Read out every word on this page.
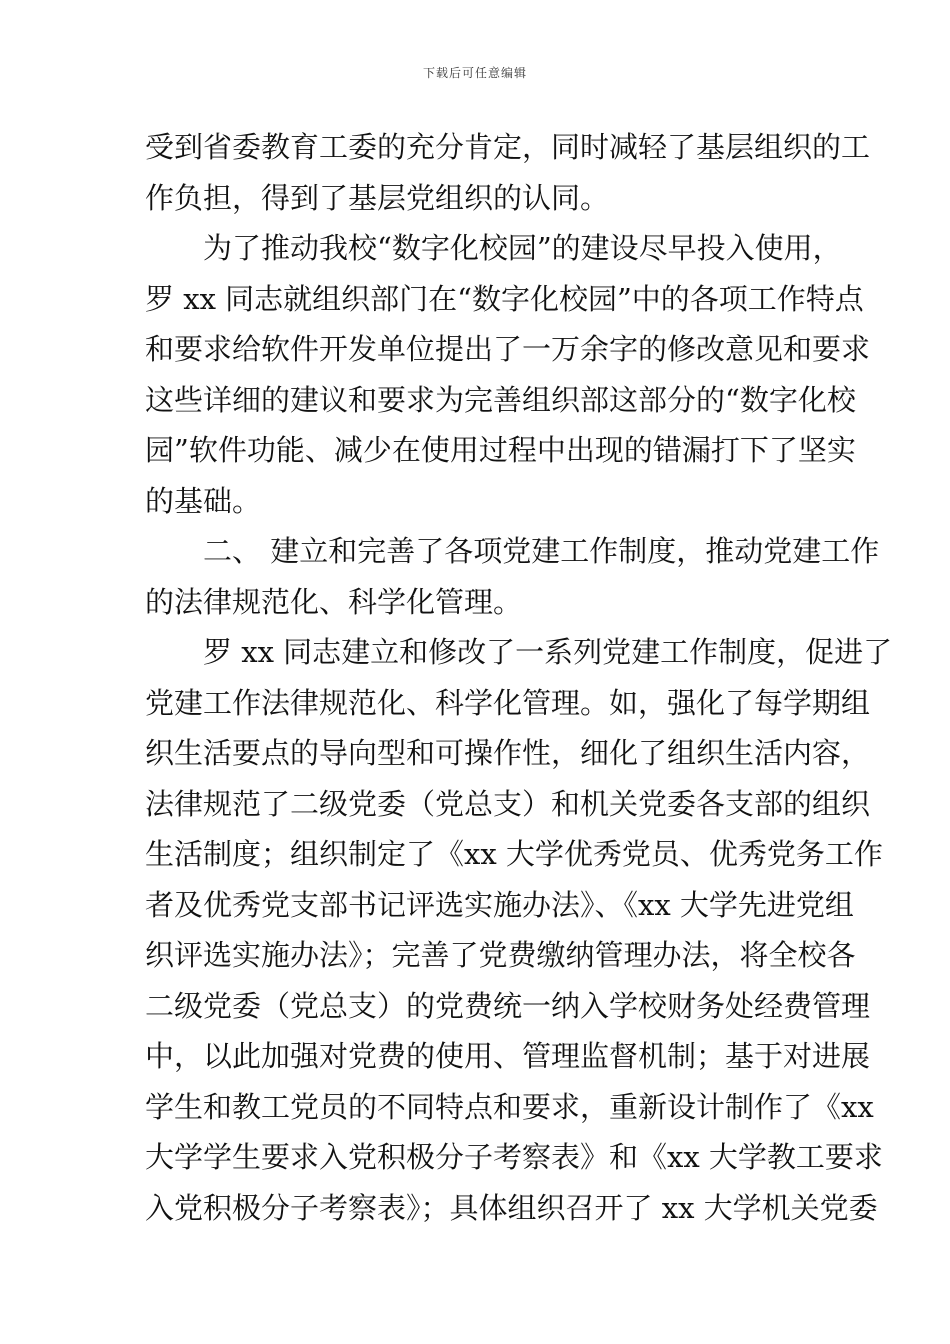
下载后可任意编辑
受到省委教育工委的充分肯定，同时减轻了基层组织的工
作负担，得到了基层党组织的认同。
为了推动我校“数字化校园”的建设尽早投入使用，
罗 xx 同志就组织部门在“数字化校园”中的各项工作特点
和要求给软件开发单位提出了一万余字的修改意见和要求
这些详细的建议和要求为完善组织部这部分的“数字化校
园”软件功能、减少在使用过程中出现的错漏打下了坚实
的基础。
二、 建立和完善了各项党建工作制度，推动党建工作
的法律规范化、科学化管理。
罗 xx 同志建立和修改了一系列党建工作制度，促进了
党建工作法律规范化、科学化管理。如，强化了每学期组
织生活要点的导向型和可操作性，细化了组织生活内容，
法律规范了二级党委（党总支）和机关党委各支部的组织
生活制度；组织制定了《xx 大学优秀党员、优秀党务工作
者及优秀党支部书记评选实施办法》、《xx 大学先进党组
织评选实施办法》；完善了党费缴纳管理办法，将全校各
二级党委（党总支）的党费统一纳入学校财务处经费管理
中，以此加强对党费的使用、管理监督机制；基于对进展
学生和教工党员的不同特点和要求，重新设计制作了《xx
大学学生要求入党积极分子考察表》和《xx 大学教工要求
入党积极分子考察表》；具体组织召开了 xx 大学机关党委
